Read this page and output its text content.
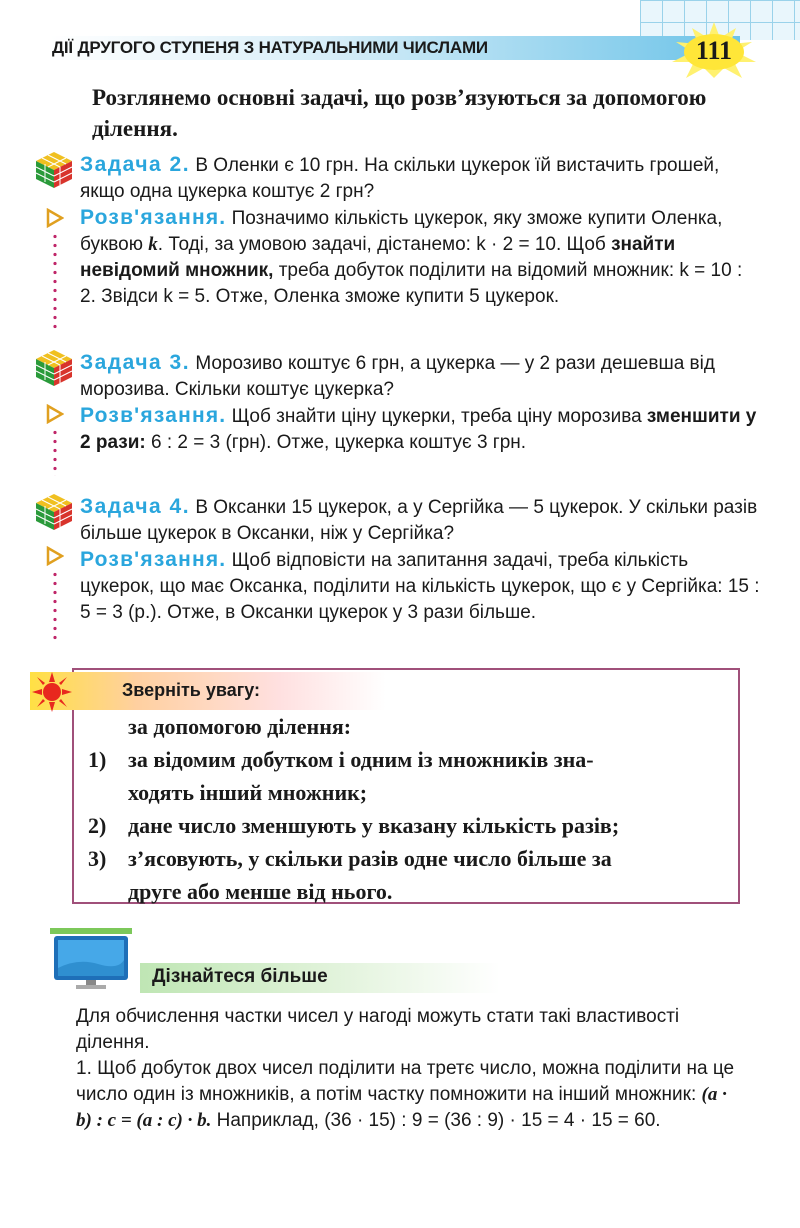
ДІЇ ДРУГОГО СТУПЕНЯ З НАТУРАЛЬНИМИ ЧИСЛАМИ	111
Розглянемо основні задачі, що розв’язуються за допомогою ділення.

Задача 2. В Оленки є 10 грн. На скільки цукерок їй вистачить грошей, якщо одна цукерка коштує 2 грн?

Розв'язання. Позначимо кількість цукерок, яку зможе купити Оленка, буквою k. Тоді, за умовою задачі, дістанемо: k · 2 = 10. Щоб знайти невідомий множник, треба добуток поділити на відомий множник: k = 10 : 2. Звідси k = 5. Отже, Оленка зможе купити 5 цукерок.

Задача 3. Морозиво коштує 6 грн, а цукерка — у 2 рази дешевша від морозива. Скільки коштує цукерка?

Розв'язання. Щоб знайти ціну цукерки, треба ціну морозива зменшити у 2 рази: 6 : 2 = 3 (грн). Отже, цукерка коштує 3 грн.

Задача 4. В Оксанки 15 цукерок, а у Сергійка — 5 цукерок. У скільки разів більше цукерок в Оксанки, ніж у Сергійка?

Розв'язання. Щоб відповісти на запитання задачі, треба кількість цукерок, що має Оксанка, поділити на кількість цукерок, що є у Сергійка: 15 : 5 = 3 (р.). Отже, в Оксанки цукерок у 3 рази більше.

Зверніть увагу:
за допомогою ділення:
1) за відомим добутком і одним із множників зна-
ходять інший множник;
2) дане число зменшують у вказану кількість разів;
3) з’ясовують, у скільки разів одне число більше за
друге або менше від нього.
Дізнайтеся більше

Для обчислення частки чисел у нагоді можуть стати такі властивості ділення.

1. Щоб добуток двох чисел поділити на третє число, можна поділити на це число один із множників, а потім частку помножити на інший множник: (a · b) : c = (a : c) · b. Наприклад, (36 · 15) : 9 = (36 : 9) · 15 = 4 · 15 = 60.
